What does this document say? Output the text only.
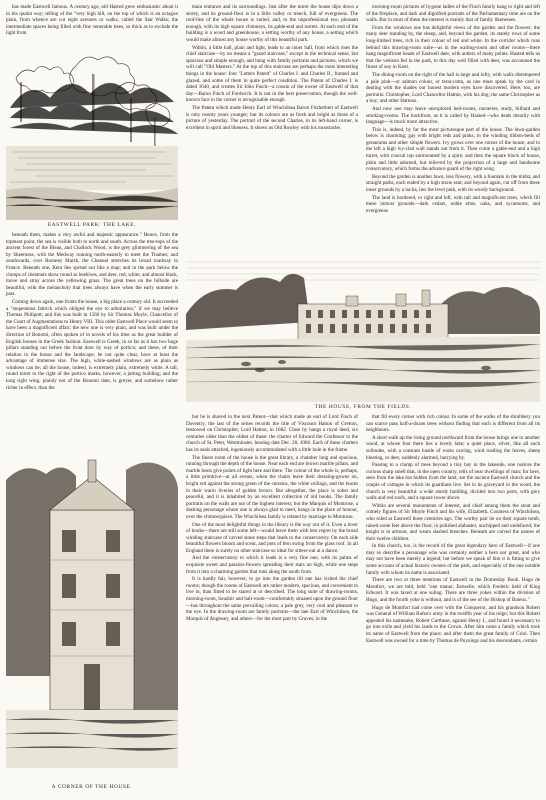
has made Eastwell famous. A century ago, old Hasted grew enthusiastic about it in his quaint way; telling of the "very high hill, on the top of which is an octagon plain, from whence are cut eight avenues or walks, called the Star Walks; the intermediate spaces being filled with fine venerable trees, so thick as to exclude the light from

EASTWELL PARK: THE LAKE.

beneath them, makes a very awful and majestic appearance." Hence, from the topmost point, the sea is visible both to north and south. Across the tree-tops of the ancient forest of the Blean, and Challock Wood, is the grey glimmering of the sea by Sheerness, with the Medway running north-easterly to meet the Thames; and southwards, over Romney Marsh, the Channel stretches its broad roadway to France. Beneath one, Kent lies spread out like a map; and in the park below the clumps of chestnuts show round as beehives, and deer, red, white, and almost black, move and stray across the yellowing grass. The great trees on the hillside are beautiful, with the melancholy that trees always have when the early summer is past.

Coming down again, one fronts the house, a big place a century old. It succeeded a "stupendous fabrick which obliged the eye to admiration," if we may believe Thomas Philipott; and this was built in 1560 by Sir Thomas Moyle, Chancellor of the Court of Augmentations to Henry VIII. This older Eastwell Place would seem to have been a magnificent affair; the new one is very plain, and was built under the direction of Bonomi, often spoken of in novels of his time as the great builder of English houses in the Greek fashion. Eastwell is Greek, in so far as it has two huge pillars standing out before the front door by way of portico; and these, of their relation to the house and the landscape, be not quite clear, have at least the advantage of immense size. The high, white-sashed windows are as plain as windows can be; all the house, indeed, is extremely plain, extremely white. A tall, round turret to the right of the portico marks, however, a jutting building; and the long right wing, plainly not of the Bonomi date, is greyer, and somehow rather richer in effect, than the

main entrance and its surroundings. Just after the turret the house dips down a storey, and its ground-floor is in a little valley or trench, full of evergreens. The roof-line of the whole house is varied, and, to the unprofessional eye, pleasant enough, with its high square chimneys, its gable-end and turrets. At each end of the building is a wood and greenhouse, a setting worthy of any house, a setting which would make almost any house worthy of this beautiful park.

Within, a little hall, plain and light, leads to an inner hall, from which rises the chief staircase—by no means a "grand staircase," except in the technical sense, but spacious and simple enough, and hung with family portraits and pictures, which we will call "Old Masters." At the top of this staircase are perhaps the most interesting things in the house: four "Letters Patent" of Charles I. and Charles II., framed and glazed, and some of them in quite perfect condition. The Patent of Charles I. is dated 1640, and creates Sir John Finch—a cousin of the owner of Eastwell of that day—Baron Finch of Fordwich. It is not in the best preservation, though the well-known face in the corner is recognisable enough.

The Patent which made Henry Earl of Winchilsea Baron Fitzherbert of Eastwell is only twenty years younger; but its colours are as fresh and bright as those of a picture of yesterday. The portrait of the second Charles, in its left-hand corner, is excellent in spirit and likeness. It shows us Old Rowley with his moustache,

morning-room pictures of bygone ladies of the Finch family hang to right and left of the fireplace, and dark and dignified portraits of the Parliamentary time are on the walls. But in most of these the interest is mainly that of family likenesses.

From the windows one has delightful views of the garden and the flowers; the many deer standing by, the sheep, and, beyond the garden, its stately rows of some long-limbed trees, rich in their colour of red and white. In the corridor which runs behind this drawing-room suite—as in the waiting-room and other rooms—there hang magnificent heads of Eastwell deer, with antlers of many points. Hasted tells us that the venison fed in the park, to this day well filled with deer, was accounted the finest of any in Kent.

The dining-room on the right of the hall is large and lofty, with walls distempered a pale pink—or salmon colour, or terra-cotta, as one must speak by the card in dealing with the shades our honest modern eyes have discovered. Here, too, are portraits: Christopher, Lord Chancellor Hatton, with his dog; the same Christopher as a boy; and other Hattons.

And now one may leave unexplored bed-rooms, nurseries, study, billiard and smoking-rooms. The backfront, as it is called by Hasted—who deals drearily with language—is much more attractive.

This is, indeed, by far the most picturesque part of the house. The lawn-garden below is charming; gay with bright reds and pinks, in the winding ribbon-beds of geraniums and other simple flowers. Ivy grows over one corner of the house, and to the left a high ivy-clad wall stands out from it. Then come a gable-end and a high turret, with conical top surmounted by a spire; and then the square block of house, plain and little adorned, but relieved by the projection of a large and handsome conservatory, which forms the advance guard of the right wing.

Beyond the garden is another lawn, less flowery, with a fountain in the midst, and straight paths, each ended by a high stone seat; and beyond again, cut off from these inner grounds by a ha-ha, lies the level park, with its woody background.

The land is bordered, to right and left, with tall and magnificent trees, which fill these inmost grounds—dark cedars, noble elms, oaks, and sycamores, and evergreens

THE HOUSE, FROM THE FIELDS.
A CORNER OF THE HOUSE.

but he is shaved in the next Patent—that which made an earl of Lord Finch of Daventry, the last of the series records the title of Viscount Hatton of Gretton, bestowed on Christopher, Lord Hatton, in 1682. Close by hangs a royal deed, six centuries older than the oldest of these: the charter of Edward the Confessor to the church of St. Peter, Westminster, bearing date Dec. 28, 1066. Each of these charters has its seals attached, ingeniously accommodated with a little hole in the frame.

The finest room of the house is the great library, a chamber long and spacious, running through the depth of the house. Near each end are brown marble pillars, and marble busts give points of light here and there. The colour of the whole is, perhaps, a little primitive—at all events, when the chairs leave their dressing-gowns on, bright red against the strong green of the curtains, the white ceilings, and the books in their warm liveries of golden brown. But altogether, the place is sober and peaceful, and it is inhabited by an excellent collection of old books. The family portraits on the walls are not of the highest interest; but the Marquis of Montrose, a dashing personage whom one is always glad to meet, hangs in the place of honour, over the chimneypiece. The Winchilsea family is related by marriage to Montrose.

One of the most delightful things in the library is the way out of it. Even a lover of books—there are still some left—would leave them with less regret by the broad winding staircase of carved stone steps that leads to the conservatory. On each side beautiful flowers bloom and scent, and pots of fern swing from the glass roof. In all England there is surely no other staircase so ideal for sitters-out at a dance.

And the conservatory to which it leads is a very fine one, with its palms of exquisite sweet and passion-flowers spreading their stars on high, while one steps from it into a charming garden that runs along the south front.

It is hardly fair, however, to go into the garden till one has visited the chief rooms; though the rooms of Eastwell are rather modern, spacious, and convenient to live in, than fitted to be stared at or described. The long suite of drawing-rooms, morning-room, boudoir and ball-room—comfortably situated upon the ground floor—has throughout the same prevailing colour, a pale grey, very cool and pleasant to the eye. In the drawing-room are family portraits—the late Earl of Winchilsea, the Marquis of Anglesey, and others—for the most part by Graves; in the

that fill every corner with rich colour. In some of the walks of the shrubbery you can scarce pass half-a-dozen trees without finding that each is different from all its neighbours.

A short walk up the rising ground northward from the house brings one to another wood, at whose foot there lies a lovely lake; a quiet place, silver, like all such solitudes, with a constant hustle of rooks cawing, wind rustling the leaves, sheep bleating, or deer, suddenly alarmed, hurrying by.

Passing to a clump of trees beyond a tiny bay in the lakeside, one notices the curious sharp smell that, in the open country, tells of near dwellings of man; for here, seen from the lake but hidden from the land, are the ancient Eastwell church and the couple of cottages in which its guardians live. Set in its graveyard in the wood, the church is very beautiful: a wide sturdy building, divided into two parts, with grey walls and red roofs, and a square tower above.

Within are several monuments of interest, and chief among them the stout and comely figures of Sir Moyle Finch and his wife, Elizabeth, Countess of Winchilsea, who ruled at Eastwell three centuries ago. The worthy pair lie on their square tomb, raised some feet above the floor, in polished alabaster, unchipped and undefaced; the knight is in armour, and wears slashed breeches. Beneath are carved the names of their twelve children.

In this church, too, is the record of the great legendary hero of Eastwell—if one may so describe a personage who was certainly neither a hero nor great, and who may not have been merely a legend; but before we speak of him it is fitting to give some account of actual historic owners of the park, and especially of the one notable family with whom its name is associated.

There are two or three mentions of Eastwell in the Domesday Book. Hugo de Montfort, we are told, held "one manor, Estwelle, which Frederic held of King Edward. It was taxed at one suling. There are three yokes within the division of Hugo, and the fourth yoke is without, and is of the see of the Bishop of Baieux."

Hugo de Montfort had come over with the Conqueror, and his grandson Robert was General of William Rufus's army in the twelfth year of his reign; but this Robert appealed his namesake, Robert Curthose, against Henry I., and found it necessary to go into exile and yield his lands to the Crown. After him came a family which took its name of Eastwell from the place; and after them the great family of Criol. Then Eastwell was owned for a time by Thomas de Poynings and his descendants, certain
